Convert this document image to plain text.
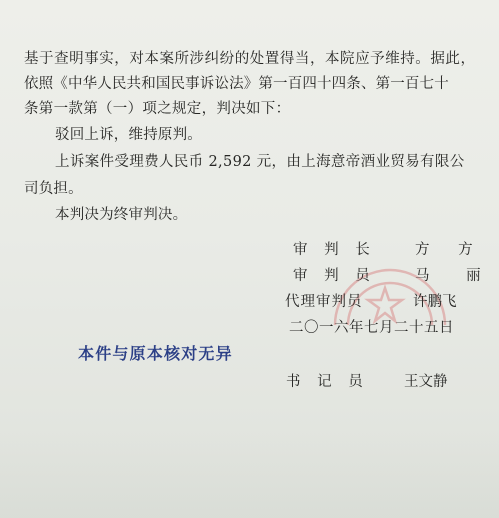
基于查明事实，对本案所涉纠纷的处置得当，本院应予维持。据此，
依照《中华人民共和国民事诉讼法》第一百四十四条、第一百七十
条第一款第（一）项之规定，判决如下：
驳回上诉，维持原判。
上诉案件受理费人民币 2,592 元，由上海意帝酒业贸易有限公
司负担。
本判决为终审判决。
审 判 长	方 方
审 判 员	马 丽
代理审判员	许鹏飞
二〇一六年七月二十五日
本件与原本核对无异
书 记 员 王文静
